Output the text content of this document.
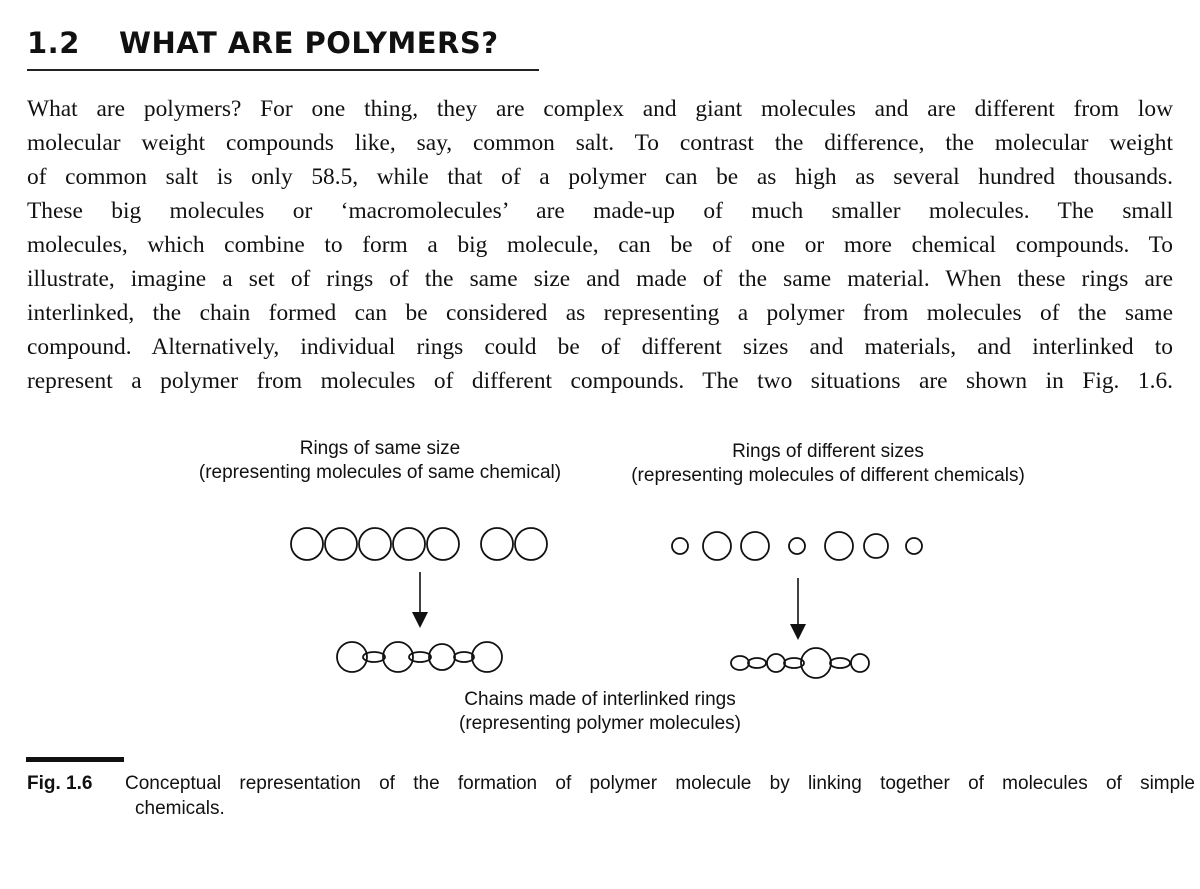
1.2 WHAT ARE POLYMERS?

What are polymers? For one thing, they are complex and giant molecules and are different from low
molecular weight compounds like, say, common salt. To contrast the difference, the molecular weight
of common salt is only 58.5, while that of a polymer can be as high as several hundred thousands.
These big molecules or ‘macromolecules’ are made-up of much smaller molecules. The small
molecules, which combine to form a big molecule, can be of one or more chemical compounds. To
illustrate, imagine a set of rings of the same size and made of the same material. When these rings are
interlinked, the chain formed can be considered as representing a polymer from molecules of the same
compound. Alternatively, individual rings could be of different sizes and materials, and interlinked to
represent a polymer from molecules of different compounds. The two situations are shown in Fig. 1.6.

Rings of same size
(representing molecules of same chemical)
Rings of different sizes
(representing molecules of different chemicals)
Chains made of interlinked rings
(representing polymer molecules)
Fig. 1.6 Conceptual representation of the formation of polymer molecule by linking together of molecules of simple
chemicals.
